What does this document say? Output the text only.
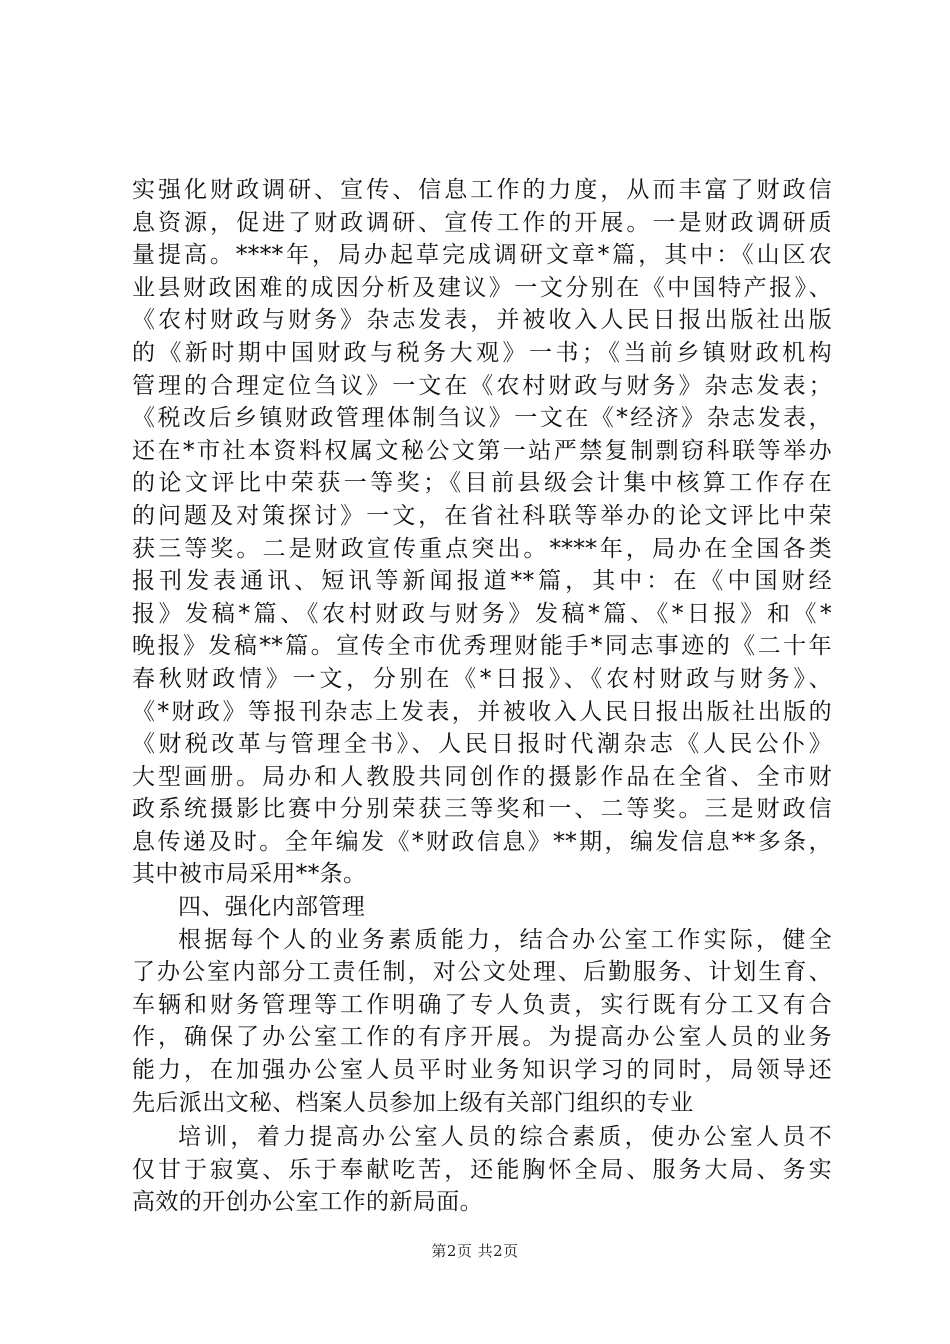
实强化财政调研、宣传、信息工作的力度，从而丰富了财政信
息资源，促进了财政调研、宣传工作的开展。一是财政调研质
量提高。****年，局办起草完成调研文章*篇，其中：《山区农
业县财政困难的成因分析及建议》一文分别在《中国特产报》、
《农村财政与财务》杂志发表，并被收入人民日报出版社出版
的《新时期中国财政与税务大观》一书；《当前乡镇财政机构
管理的合理定位刍议》一文在《农村财政与财务》杂志发表；
《税改后乡镇财政管理体制刍议》一文在《*经济》杂志发表，
还在*市社本资料权属文秘公文第一站严禁复制剽窃科联等举办
的论文评比中荣获一等奖；《目前县级会计集中核算工作存在
的问题及对策探讨》一文，在省社科联等举办的论文评比中荣
获三等奖。二是财政宣传重点突出。****年，局办在全国各类
报刊发表通讯、短讯等新闻报道**篇，其中：在《中国财经
报》发稿*篇、《农村财政与财务》发稿*篇、《*日报》和《*
晚报》发稿**篇。宣传全市优秀理财能手*同志事迹的《二十年
春秋财政情》一文，分别在《*日报》、《农村财政与财务》、
《*财政》等报刊杂志上发表，并被收入人民日报出版社出版的
《财税改革与管理全书》、人民日报时代潮杂志《人民公仆》
大型画册。局办和人教股共同创作的摄影作品在全省、全市财
政系统摄影比赛中分别荣获三等奖和一、二等奖。三是财政信
息传递及时。全年编发《*财政信息》**期，编发信息**多条，
其中被市局采用**条。
四、强化内部管理
根据每个人的业务素质能力，结合办公室工作实际，健全
了办公室内部分工责任制，对公文处理、后勤服务、计划生育、
车辆和财务管理等工作明确了专人负责，实行既有分工又有合
作，确保了办公室工作的有序开展。为提高办公室人员的业务
能力，在加强办公室人员平时业务知识学习的同时，局领导还
先后派出文秘、档案人员参加上级有关部门组织的专业
培训，着力提高办公室人员的综合素质，使办公室人员不
仅甘于寂寞、乐于奉献吃苦，还能胸怀全局、服务大局、务实
高效的开创办公室工作的新局面。
第2页 共2页
